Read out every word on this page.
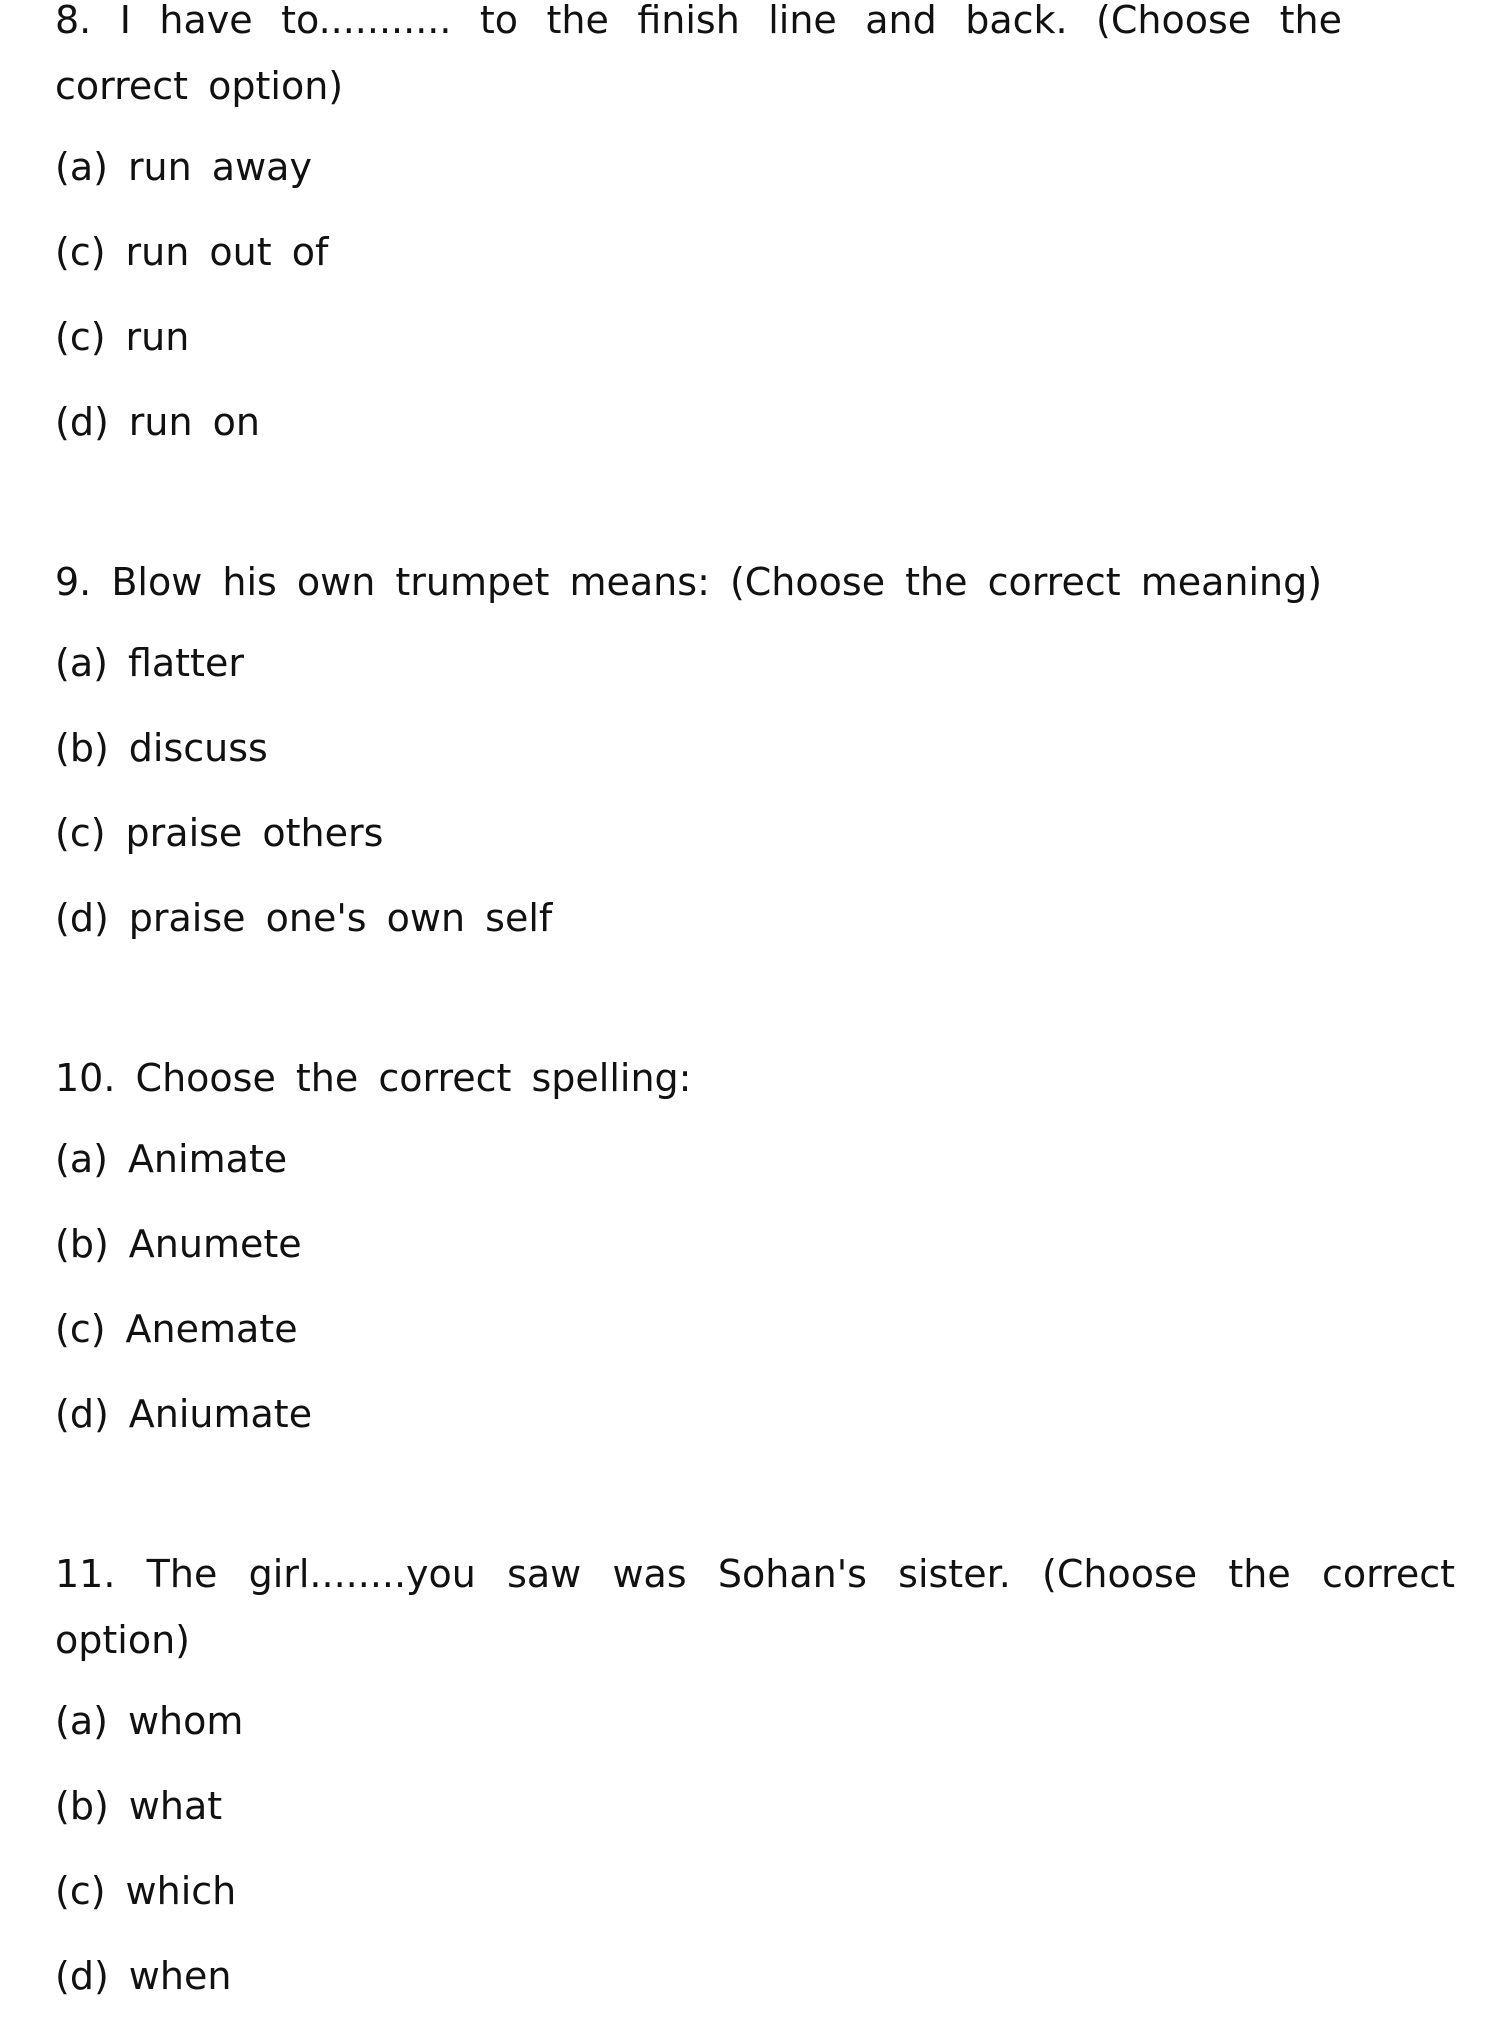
8. I have to........... to the finish line and back. (Choose the correct option)

(a) run away
(c) run out of
(c) run
(d) run on

9. Blow his own trumpet means: (Choose the correct meaning)

(a) flatter
(b) discuss
(c) praise others
(d) praise one's own self

10. Choose the correct spelling:

(a) Animate
(b) Anumete
(c) Anemate
(d) Aniumate

11. The girl........you saw was Sohan's sister. (Choose the correct option)

(a) whom
(b) what
(c) which
(d) when
